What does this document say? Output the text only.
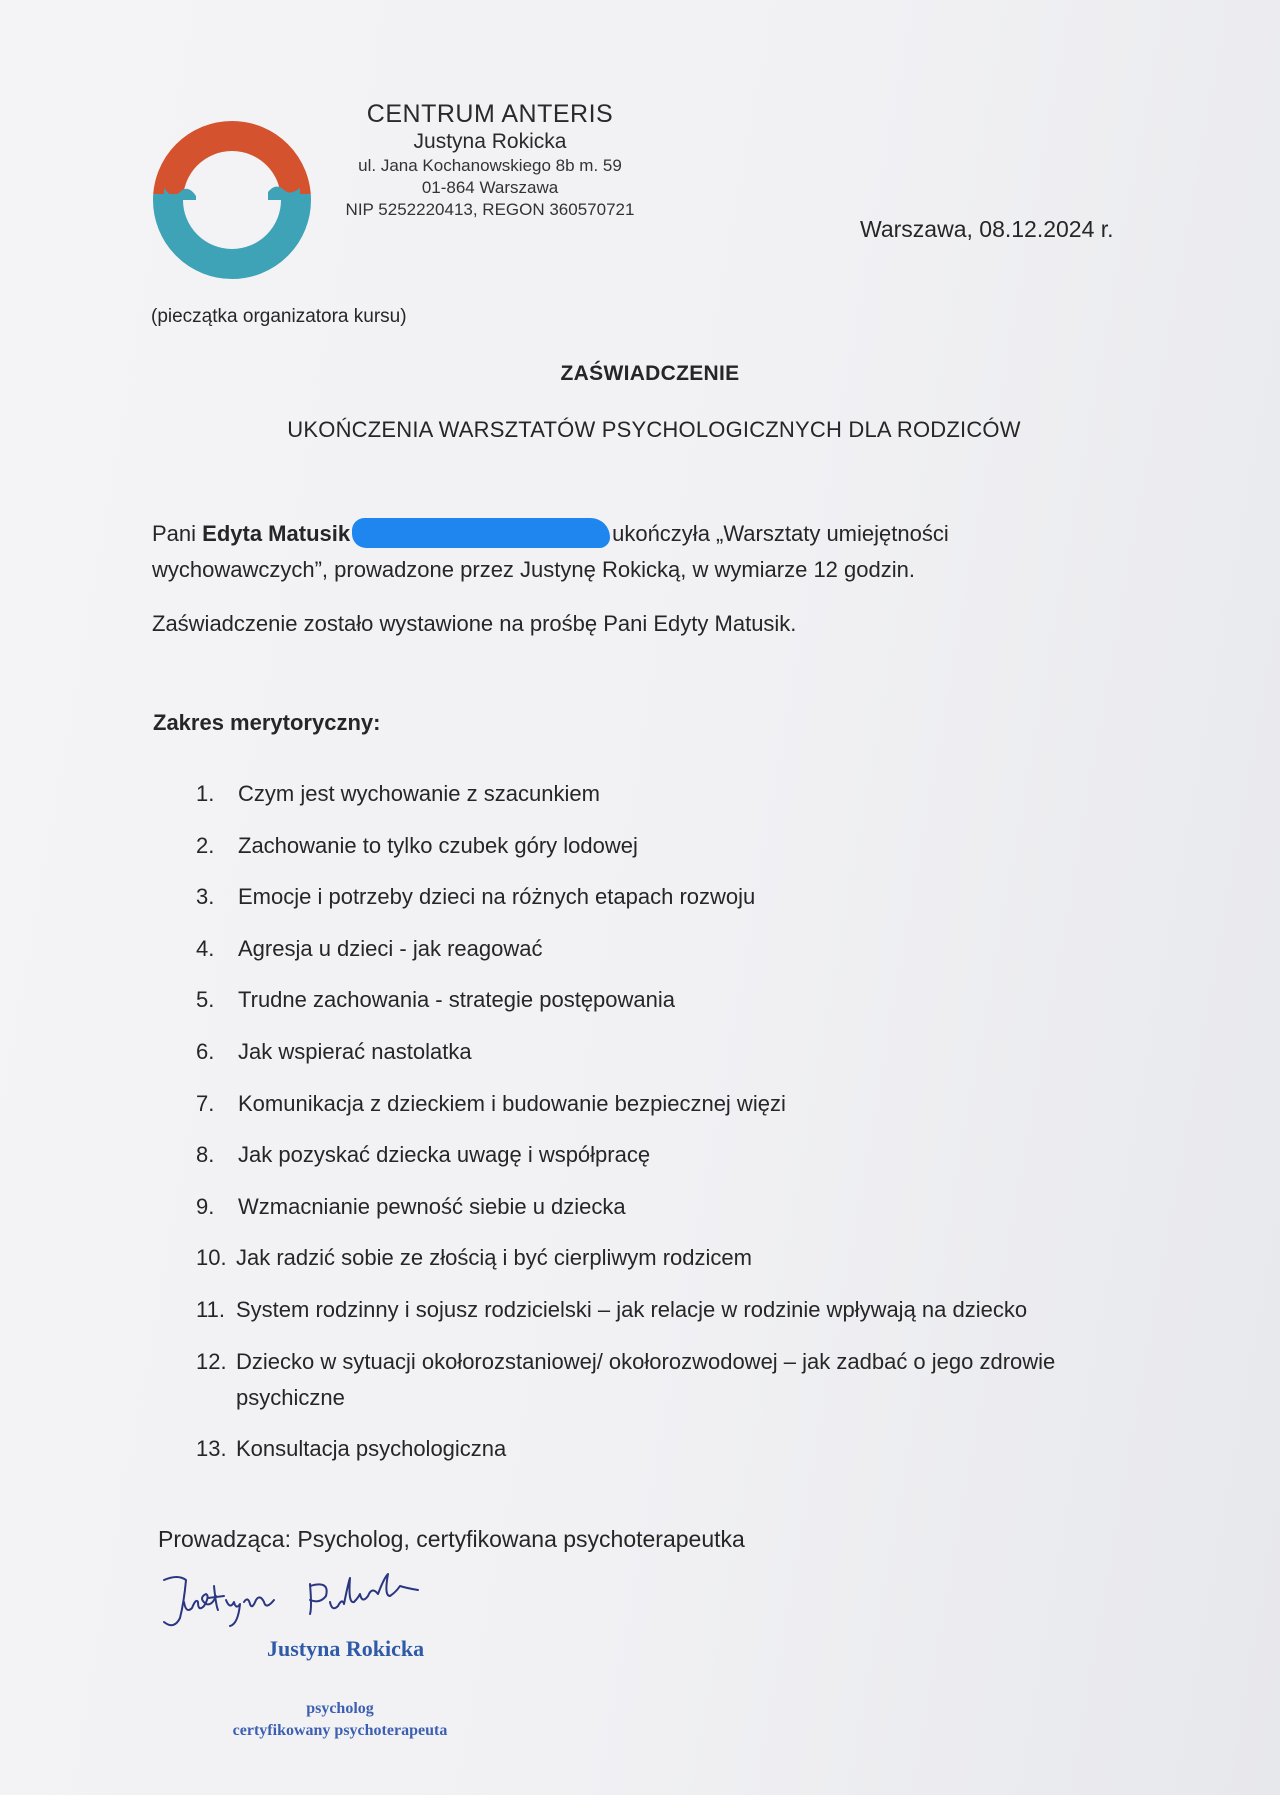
CENTRUM ANTERIS
Justyna Rokicka
ul. Jana Kochanowskiego 8b m. 59
01-864 Warszawa
NIP 5252220413, REGON 360570721
Warszawa, 08.12.2024 r.
(pieczątka organizatora kursu)
ZAŚWIADCZENIE
UKOŃCZENIA WARSZTATÓW PSYCHOLOGICZNYCH DLA RODZICÓW
Pani Edyta Matusik	ukończyła „Warsztaty umiejętności wychowawczych”, prowadzone przez Justynę Rokicką, w wymiarze 12 godzin.
Zaświadczenie zostało wystawione na prośbę Pani Edyty Matusik.
Zakres merytoryczny:
1. Czym jest wychowanie z szacunkiem
2. Zachowanie to tylko czubek góry lodowej
3. Emocje i potrzeby dzieci na różnych etapach rozwoju
4. Agresja u dzieci - jak reagować
5. Trudne zachowania - strategie postępowania
6. Jak wspierać nastolatka
7. Komunikacja z dzieckiem i budowanie bezpiecznej więzi
8. Jak pozyskać dziecka uwagę i współpracę
9. Wzmacnianie pewność siebie u dziecka
10. Jak radzić sobie ze złością i być cierpliwym rodzicem
11. System rodzinny i sojusz rodzicielski – jak relacje w rodzinie wpływają na dziecko
12. Dziecko w sytuacji okołorozstaniowej/ okołorozwodowej – jak zadbać o jego zdrowie psychiczne
13. Konsultacja psychologiczna
Prowadząca: Psycholog, certyfikowana psychoterapeutka
Justyna Rokicka
psycholog
certyfikowany psychoterapeuta
